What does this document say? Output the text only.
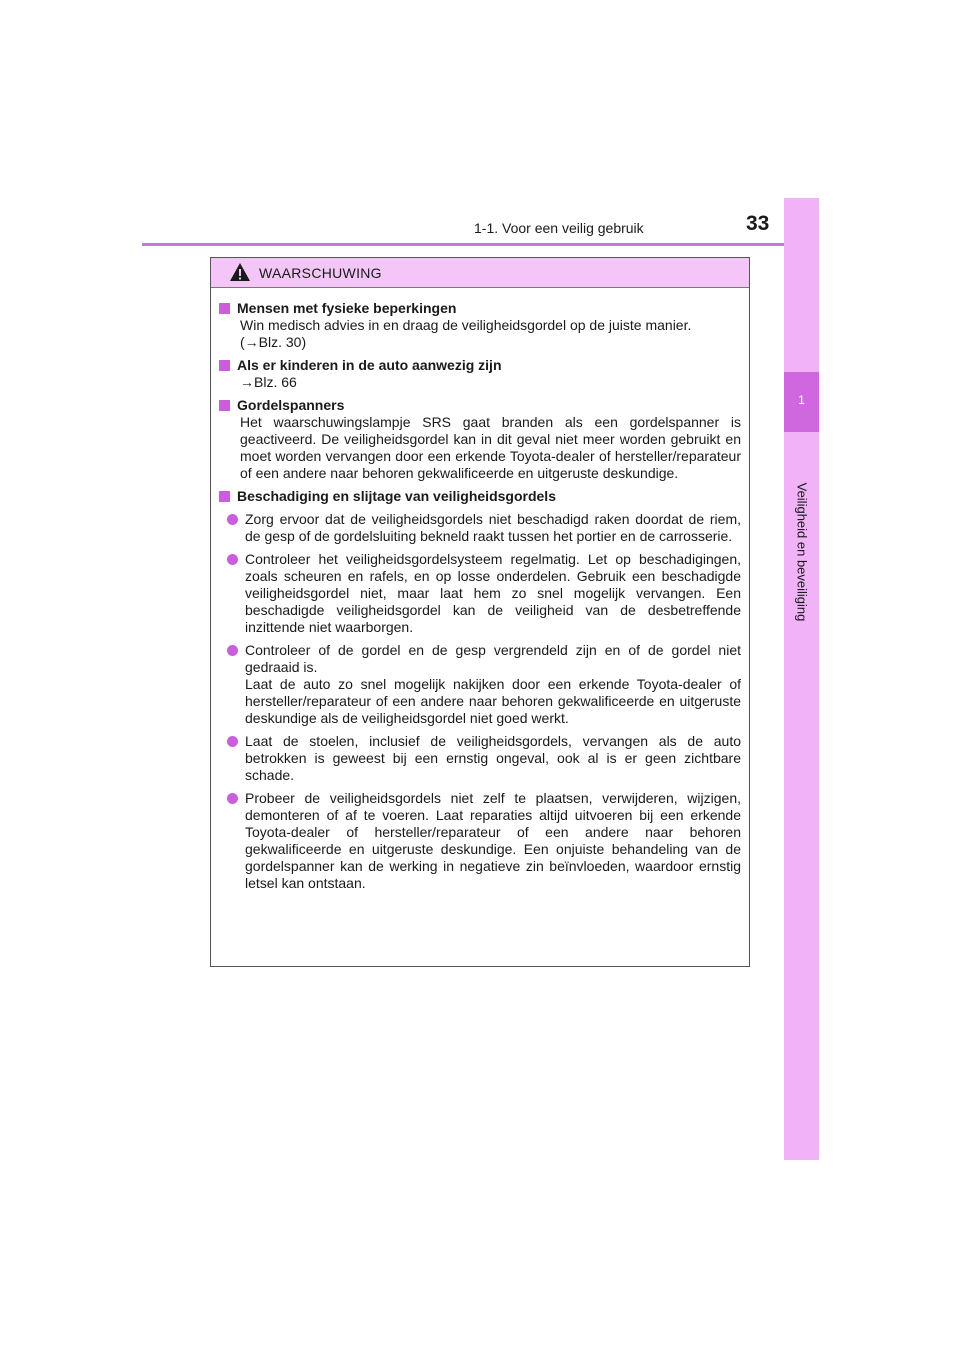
1-1. Voor een veilig gebruik	33
1
Veiligheid en beveiliging
WAARSCHUWING
Mensen met fysieke beperkingen
Win medisch advies in en draag de veiligheidsgordel op de juiste manier.
(→Blz. 30)
Als er kinderen in de auto aanwezig zijn
→Blz. 66
Gordelspanners
Het waarschuwingslampje SRS gaat branden als een gordelspanner is geactiveerd. De veiligheidsgordel kan in dit geval niet meer worden gebruikt en moet worden vervangen door een erkende Toyota-dealer of hersteller/reparateur of een andere naar behoren gekwalificeerde en uitgeruste deskundige.
Beschadiging en slijtage van veiligheidsgordels
Zorg ervoor dat de veiligheidsgordels niet beschadigd raken doordat de riem, de gesp of de gordelsluiting bekneld raakt tussen het portier en de carrosserie.
Controleer het veiligheidsgordelsysteem regelmatig. Let op beschadigingen, zoals scheuren en rafels, en op losse onderdelen. Gebruik een beschadigde veiligheidsgordel niet, maar laat hem zo snel mogelijk vervangen. Een beschadigde veiligheidsgordel kan de veiligheid van de desbetreffende inzittende niet waarborgen.
Controleer of de gordel en de gesp vergrendeld zijn en of de gordel niet gedraaid is.
Laat de auto zo snel mogelijk nakijken door een erkende Toyota-dealer of hersteller/reparateur of een andere naar behoren gekwalificeerde en uitgeruste deskundige als de veiligheidsgordel niet goed werkt.
Laat de stoelen, inclusief de veiligheidsgordels, vervangen als de auto betrokken is geweest bij een ernstig ongeval, ook al is er geen zichtbare schade.
Probeer de veiligheidsgordels niet zelf te plaatsen, verwijderen, wijzigen, demonteren of af te voeren. Laat reparaties altijd uitvoeren bij een erkende Toyota-dealer of hersteller/reparateur of een andere naar behoren gekwalificeerde en uitgeruste deskundige. Een onjuiste behandeling van de gordelspanner kan de werking in negatieve zin beïnvloeden, waardoor ernstig letsel kan ontstaan.
